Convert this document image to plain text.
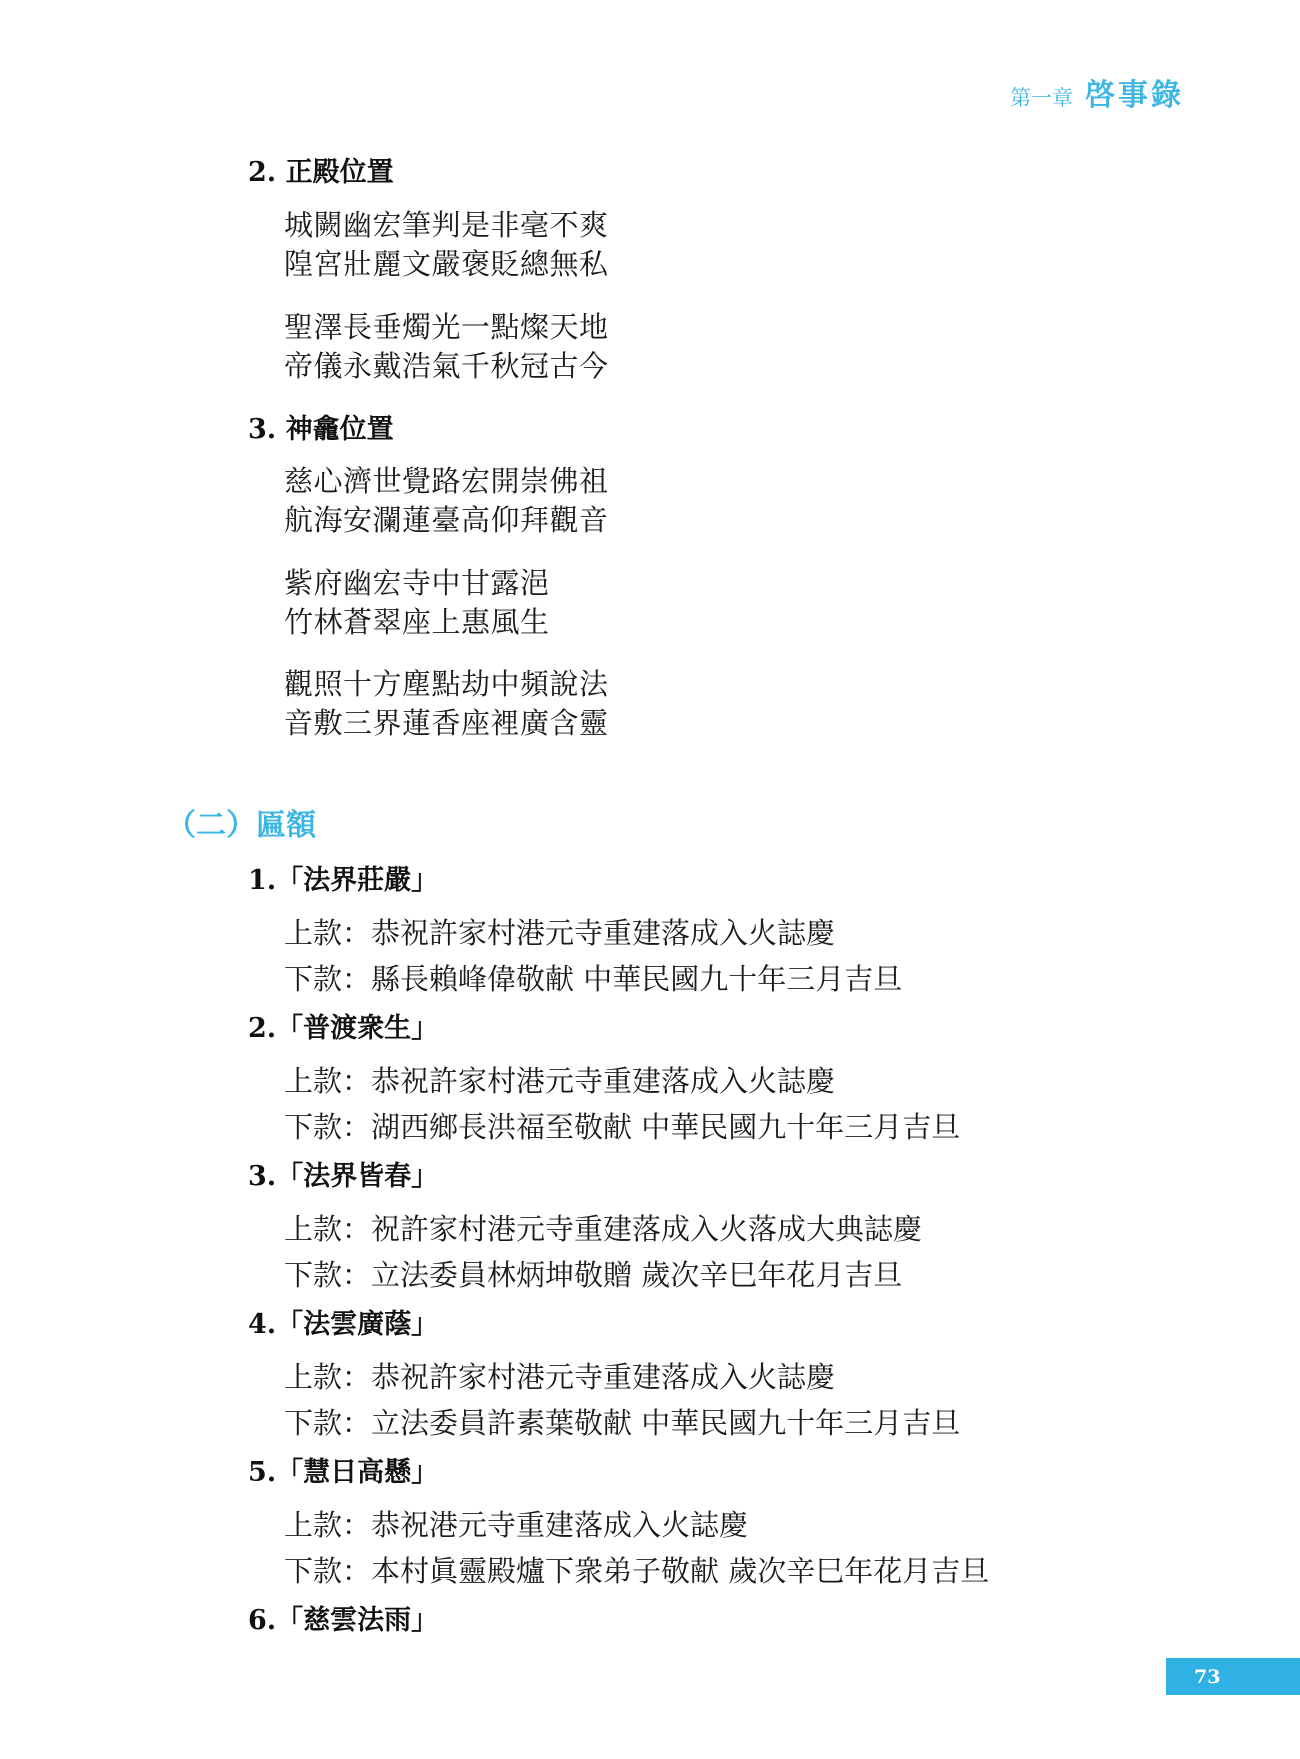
第一章 啓事錄
2. 正殿位置
城闕幽宏筆判是非毫不爽
隍宮壯麗文嚴褒貶總無私
聖澤長垂燭光一點燦天地
帝儀永戴浩氣千秋冠古今
3. 神龕位置
慈心濟世覺路宏開崇佛祖
航海安瀾蓮臺高仰拜觀音
紫府幽宏寺中甘露浥
竹林蒼翠座上惠風生
觀照十方塵點劫中頻說法
音敷三界蓮香座裡廣含靈
（二）匾額
1.「法界莊嚴」
上款：恭祝許家村港元寺重建落成入火誌慶
下款：縣長賴峰偉敬献 中華民國九十年三月吉旦
2.「普渡衆生」
上款：恭祝許家村港元寺重建落成入火誌慶
下款：湖西鄉長洪福至敬献 中華民國九十年三月吉旦
3.「法界皆春」
上款：祝許家村港元寺重建落成入火落成大典誌慶
下款：立法委員林炳坤敬贈 歲次辛巳年花月吉旦
4.「法雲廣蔭」
上款：恭祝許家村港元寺重建落成入火誌慶
下款：立法委員許素葉敬献 中華民國九十年三月吉旦
5.「慧日高懸」
上款：恭祝港元寺重建落成入火誌慶
下款：本村眞靈殿爐下衆弟子敬献 歲次辛巳年花月吉旦
6.「慈雲法雨」
73
